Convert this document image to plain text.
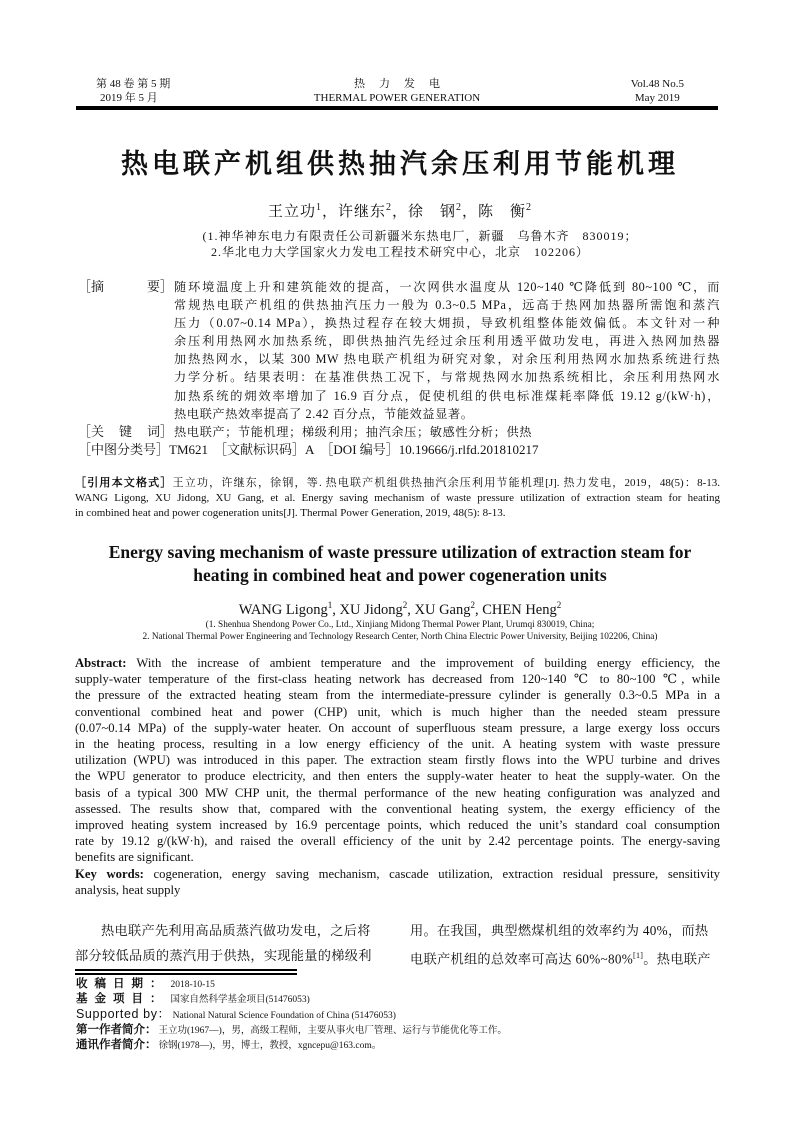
第 48 卷 第 5 期
2019 年 5 月
热力发电
THERMAL POWER GENERATION
Vol.48 No.5
May 2019
热电联产机组供热抽汽余压利用节能机理
王立功$^1$，许继东$^2$，徐　钢$^2$，陈　衡$^2$
(1.神华神东电力有限责任公司新疆米东热电厂，新疆　乌鲁木齐　830019；
2.华北电力大学国家火力发电工程技术研究中心，北京　102206）
［摘	要］ 随环境温度上升和建筑能效的提高，一次网供水温度从 120~140 ℃降低到 80~100 ℃，而
常规热电联产机组的供热抽汽压力一般为 0.3~0.5 MPa，远高于热网加热器所需饱和蒸汽
压力（0.07~0.14 MPa），换热过程存在较大㶲损，导致机组整体能效偏低。本文针对一种
余压利用热网水加热系统，即供热抽汽先经过余压利用透平做功发电，再进入热网加热器
加热热网水，以某 300 MW 热电联产机组为研究对象，对余压利用热网水加热系统进行热
力学分析。结果表明：在基准供热工况下，与常规热网水加热系统相比，余压利用热网水
加热系统的㶲效率增加了 16.9 百分点，促使机组的供电标准煤耗率降低 19.12 g/(kW·h)，
热电联产热效率提高了 2.42 百分点，节能效益显著。
［关 键 词］ 热电联产；节能机理；梯级利用；抽汽余压；敏感性分析；供热
［中图分类号］ TM621 ［文献标识码］ A ［DOI 编号］ 10.19666/j.rlfd.201810217
［引用本文格式］王立功，许继东，徐钢，等. 热电联产机组供热抽汽余压利用节能机理[J]. 热力发电，2019，48(5)：8-13.
WANG Ligong, XU Jidong, XU Gang, et al. Energy saving mechanism of waste pressure utilization of extraction steam for heating
in combined heat and power cogeneration units[J]. Thermal Power Generation, 2019, 48(5): 8-13.
Energy saving mechanism of waste pressure utilization of extraction steam for
heating in combined heat and power cogeneration units
WANG Ligong$^1$, XU Jidong$^2$, XU Gang$^2$, CHEN Heng$^2$
(1. Shenhua Shendong Power Co., Ltd., Xinjiang Midong Thermal Power Plant, Urumqi 830019, China;
2. National Thermal Power Engineering and Technology Research Center, North China Electric Power University, Beijing 102206, China)
Abstract: With the increase of ambient temperature and the improvement of building energy efficiency, the
supply-water temperature of the first-class heating network has decreased from 120~140 ℃ to 80~100 ℃, while
the pressure of the extracted heating steam from the intermediate-pressure cylinder is generally 0.3~0.5 MPa in a
conventional combined heat and power (CHP) unit, which is much higher than the needed steam pressure
(0.07~0.14 MPa) of the supply-water heater. On account of superfluous steam pressure, a large exergy loss occurs
in the heating process, resulting in a low energy efficiency of the unit. A heating system with waste pressure
utilization (WPU) was introduced in this paper. The extraction steam firstly flows into the WPU turbine and drives
the WPU generator to produce electricity, and then enters the supply-water heater to heat the supply-water. On the
basis of a typical 300 MW CHP unit, the thermal performance of the new heating configuration was analyzed and
assessed. The results show that, compared with the conventional heating system, the exergy efficiency of the
improved heating system increased by 16.9 percentage points, which reduced the unit’s standard coal consumption
rate by 19.12 g/(kW·h), and raised the overall efficiency of the unit by 2.42 percentage points. The energy-saving
benefits are significant.
Key words: cogeneration, energy saving mechanism, cascade utilization, extraction residual pressure, sensitivity
analysis, heat supply
热电联产先利用高品质蒸汽做功发电，之后将
部分较低品质的蒸汽用于供热，实现能量的梯级利
用。在我国，典型燃煤机组的效率约为 40%，而热
电联产机组的总效率可高达 60%~80%[1]。热电联产
收稿日期： 2018-10-15
基金项目： 国家自然科学基金项目(51476053)
Supported by： National Natural Science Foundation of China (51476053)
第一作者简介： 王立功(1967—)，男，高级工程师，主要从事火电厂管理、运行与节能优化等工作。
通讯作者简介： 徐钢(1978—)，男，博士，教授，xgncepu@163.com。
